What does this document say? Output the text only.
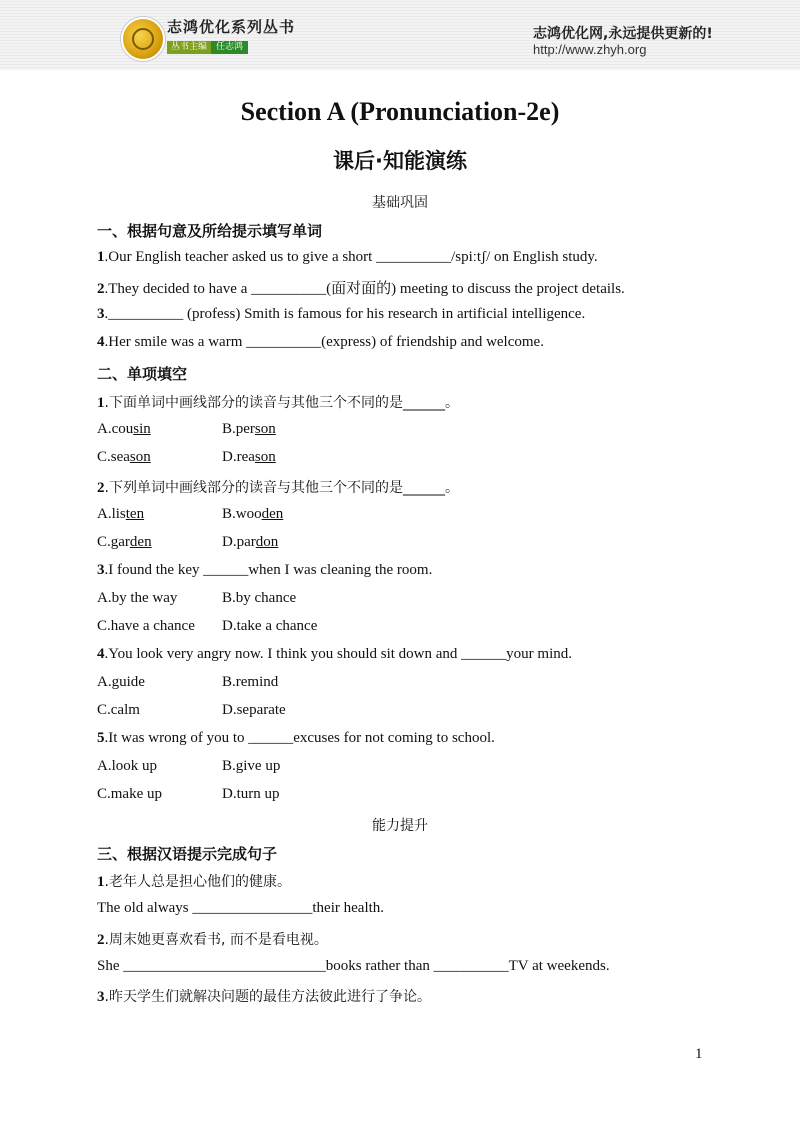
志鸿优化系列丛书
丛书主编 任志鸿
志鸿优化网,永远提供更新的!
http://www.zhyh.org
Section A (Pronunciation-2e)
课后·知能演练
基础巩固
一、根据句意及所给提示填写单词
1.Our English teacher asked us to give a short __________/spiːtʃ/ on English study.
2.They decided to have a __________(面对面的) meeting to discuss the project details.
3.__________ (profess) Smith is famous for his research in artificial intelligence.
4.Her smile was a warm __________(express) of friendship and welcome.
二、单项填空
1.下面单词中画线部分的读音与其他三个不同的是______。
A.cousin	B.person
C.season	D.reason
2.下列单词中画线部分的读音与其他三个不同的是______。
A.listen	B.wooden
C.garden	D.pardon
3.I found the key ______when I was cleaning the room.
A.by the way	B.by chance
C.have a chance D.take a chance
4.You look very angry now. I think you should sit down and ______your mind.
A.guide	B.remind
C.calm	D.separate
5.It was wrong of you to ______excuses for not coming to school.
A.look up	B.give up
C.make up	D.turn up
能力提升
三、根据汉语提示完成句子
1.老年人总是担心他们的健康。
The old always ________________their health.
2.周末她更喜欢看书, 而不是看电视。
She ___________________________books rather than __________TV at weekends.
3.昨天学生们就解决问题的最佳方法彼此进行了争论。
1
